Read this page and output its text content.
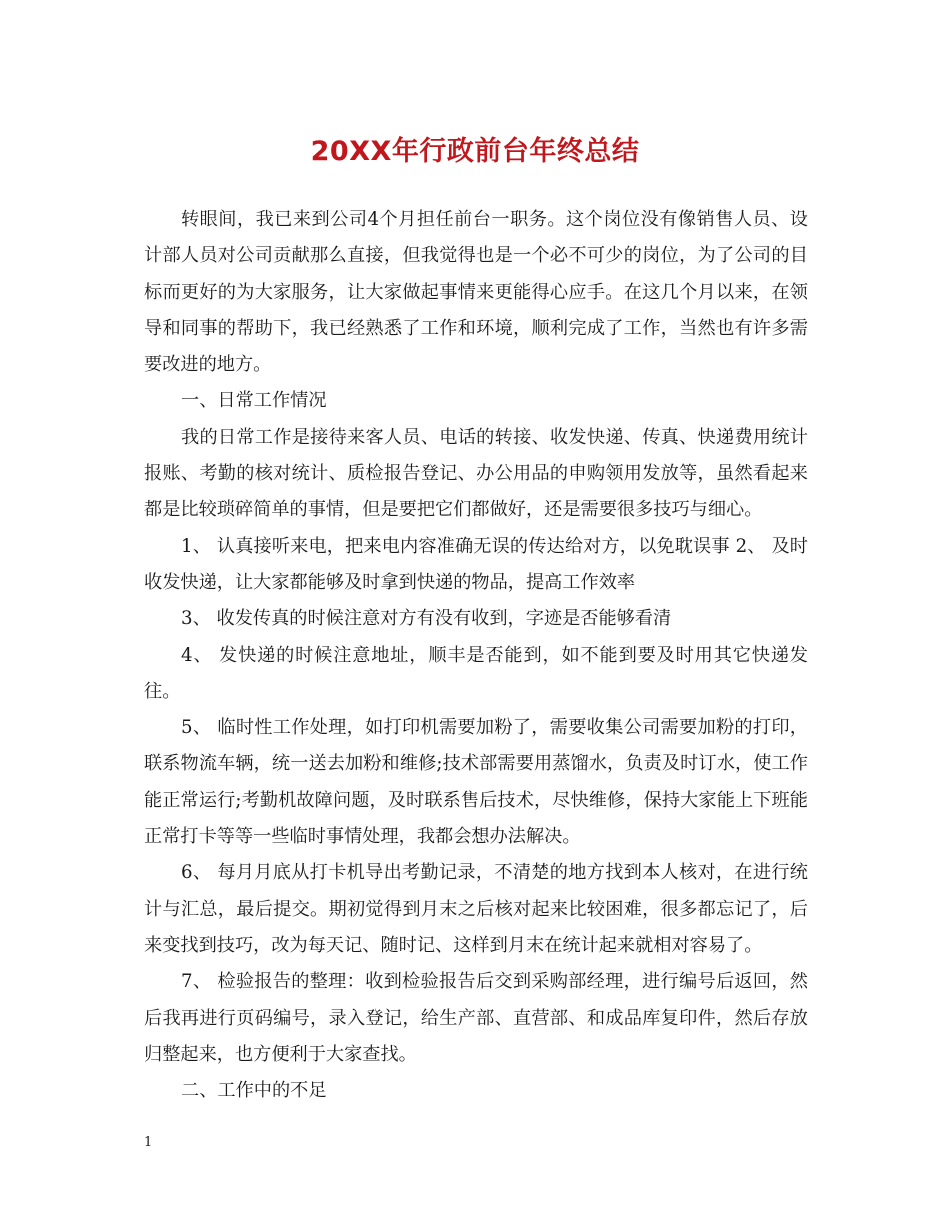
20XX年行政前台年终总结

转眼间，我已来到公司4个月担任前台一职务。这个岗位没有像销售人员、设计部人员对公司贡献那么直接，但我觉得也是一个必不可少的岗位，为了公司的目标而更好的为大家服务，让大家做起事情来更能得心应手。在这几个月以来，在领导和同事的帮助下，我已经熟悉了工作和环境，顺利完成了工作，当然也有许多需要改进的地方。

一、日常工作情况

我的日常工作是接待来客人员、电话的转接、收发快递、传真、快递费用统计报账、考勤的核对统计、质检报告登记、办公用品的申购领用发放等，虽然看起来都是比较琐碎简单的事情，但是要把它们都做好，还是需要很多技巧与细心。

1、 认真接听来电，把来电内容准确无误的传达给对方，以免耽误事 2、 及时收发快递，让大家都能够及时拿到快递的物品，提高工作效率

3、 收发传真的时候注意对方有没有收到，字迹是否能够看清

4、 发快递的时候注意地址，顺丰是否能到，如不能到要及时用其它快递发往。

5、 临时性工作处理，如打印机需要加粉了，需要收集公司需要加粉的打印，联系物流车辆，统一送去加粉和维修;技术部需要用蒸馏水，负责及时订水，使工作能正常运行;考勤机故障问题，及时联系售后技术，尽快维修，保持大家能上下班能正常打卡等等一些临时事情处理，我都会想办法解决。

6、 每月月底从打卡机导出考勤记录，不清楚的地方找到本人核对，在进行统计与汇总，最后提交。期初觉得到月末之后核对起来比较困难，很多都忘记了，后来变找到技巧，改为每天记、随时记、这样到月末在统计起来就相对容易了。

7、 检验报告的整理：收到检验报告后交到采购部经理，进行编号后返回，然后我再进行页码编号，录入登记，给生产部、直营部、和成品库复印件，然后存放归整起来，也方便利于大家查找。

二、工作中的不足

1
